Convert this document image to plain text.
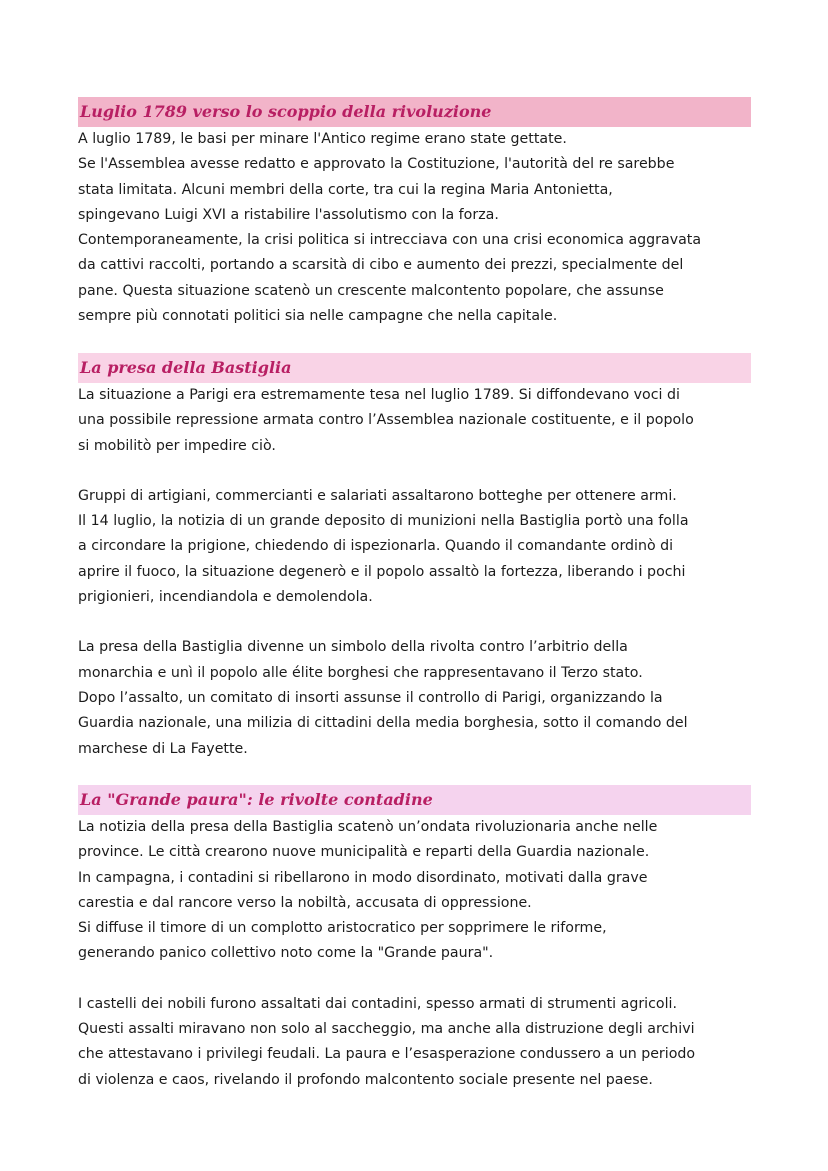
Luglio 1789 verso lo scoppio della rivoluzione

A luglio 1789, le basi per minare l'Antico regime erano state gettate.
Se l'Assemblea avesse redatto e approvato la Costituzione, l'autorità del re sarebbe
stata limitata. Alcuni membri della corte, tra cui la regina Maria Antonietta,
spingevano Luigi XVI a ristabilire l'assolutismo con la forza.
Contemporaneamente, la crisi politica si intrecciava con una crisi economica aggravata
da cattivi raccolti, portando a scarsità di cibo e aumento dei prezzi, specialmente del
pane. Questa situazione scatenò un crescente malcontento popolare, che assunse
sempre più connotati politici sia nelle campagne che nella capitale.

La presa della Bastiglia

La situazione a Parigi era estremamente tesa nel luglio 1789. Si diffondevano voci di
una possibile repressione armata contro l’Assemblea nazionale costituente, e il popolo
si mobilitò per impedire ciò.

Gruppi di artigiani, commercianti e salariati assaltarono botteghe per ottenere armi.
Il 14 luglio, la notizia di un grande deposito di munizioni nella Bastiglia portò una folla
a circondare la prigione, chiedendo di ispezionarla. Quando il comandante ordinò di
aprire il fuoco, la situazione degenerò e il popolo assaltò la fortezza, liberando i pochi
prigionieri, incendiandola e demolendola.

La presa della Bastiglia divenne un simbolo della rivolta contro l’arbitrio della
monarchia e unì il popolo alle élite borghesi che rappresentavano il Terzo stato.
Dopo l’assalto, un comitato di insorti assunse il controllo di Parigi, organizzando la
Guardia nazionale, una milizia di cittadini della media borghesia, sotto il comando del
marchese di La Fayette.

La "Grande paura": le rivolte contadine

La notizia della presa della Bastiglia scatenò un’ondata rivoluzionaria anche nelle
province. Le città crearono nuove municipalità e reparti della Guardia nazionale.
In campagna, i contadini si ribellarono in modo disordinato, motivati dalla grave
carestia e dal rancore verso la nobiltà, accusata di oppressione.
Si diffuse il timore di un complotto aristocratico per sopprimere le riforme,
generando panico collettivo noto come la "Grande paura".

I castelli dei nobili furono assaltati dai contadini, spesso armati di strumenti agricoli.
Questi assalti miravano non solo al saccheggio, ma anche alla distruzione degli archivi
che attestavano i privilegi feudali. La paura e l’esasperazione condussero a un periodo
di violenza e caos, rivelando il profondo malcontento sociale presente nel paese.
